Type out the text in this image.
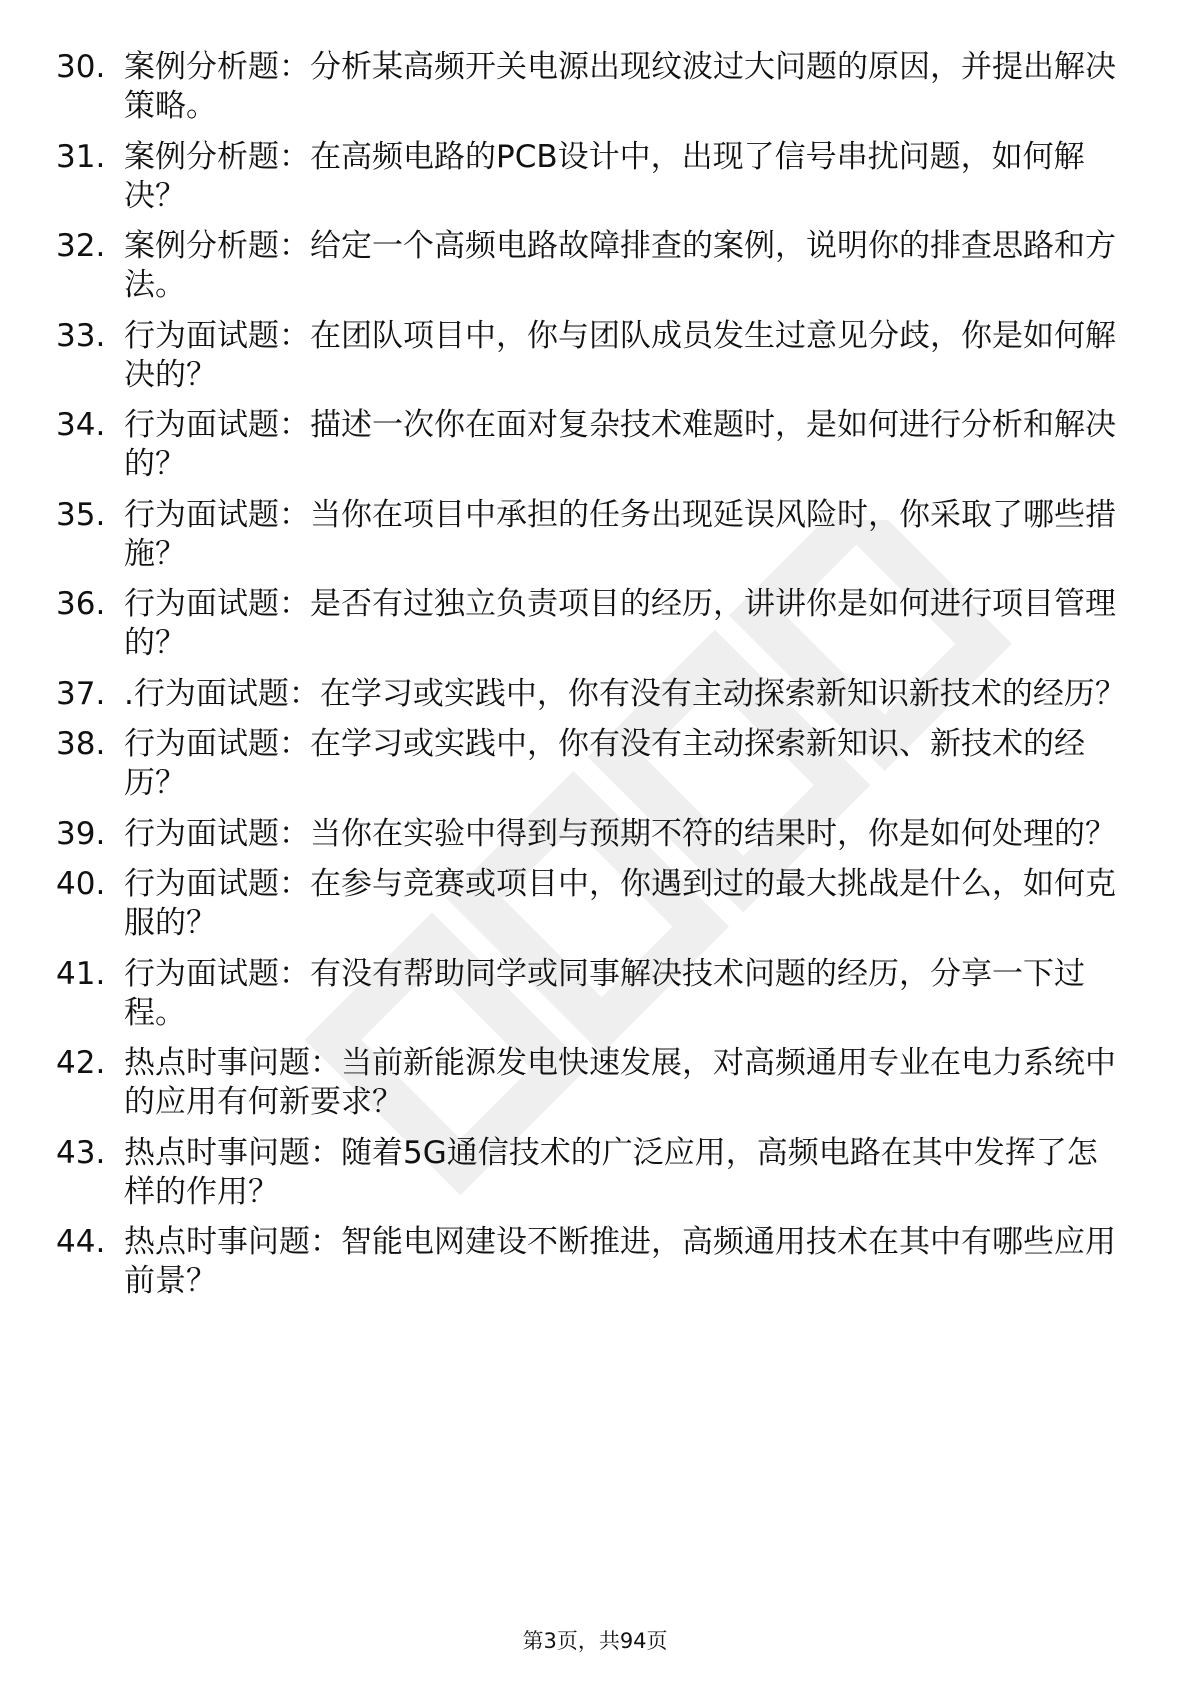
30. 案例分析题：分析某高频开关电源出现纹波过大问题的原因，并提出解决策略。
31. 案例分析题：在高频电路的PCB设计中，出现了信号串扰问题，如何解决？
32. 案例分析题：给定一个高频电路故障排查的案例，说明你的排查思路和方法。
33. 行为面试题：在团队项目中，你与团队成员发生过意见分歧，你是如何解决的？
34. 行为面试题：描述一次你在面对复杂技术难题时，是如何进行分析和解决的？
35. 行为面试题：当你在项目中承担的任务出现延误风险时，你采取了哪些措施？
36. 行为面试题：是否有过独立负责项目的经历，讲讲你是如何进行项目管理的？
37. .行为面试题：在学习或实践中，你有没有主动探索新知识新技术的经历？
38. 行为面试题：在学习或实践中，你有没有主动探索新知识、新技术的经历？
39. 行为面试题：当你在实验中得到与预期不符的结果时，你是如何处理的？
40. 行为面试题：在参与竞赛或项目中，你遇到过的最大挑战是什么，如何克服的？
41. 行为面试题：有没有帮助同学或同事解决技术问题的经历，分享一下过程。
42. 热点时事问题：当前新能源发电快速发展，对高频通用专业在电力系统中的应用有何新要求？
43. 热点时事问题：随着5G通信技术的广泛应用，高频电路在其中发挥了怎样的作用？
44. 热点时事问题：智能电网建设不断推进，高频通用技术在其中有哪些应用前景？
第3页，共94页
